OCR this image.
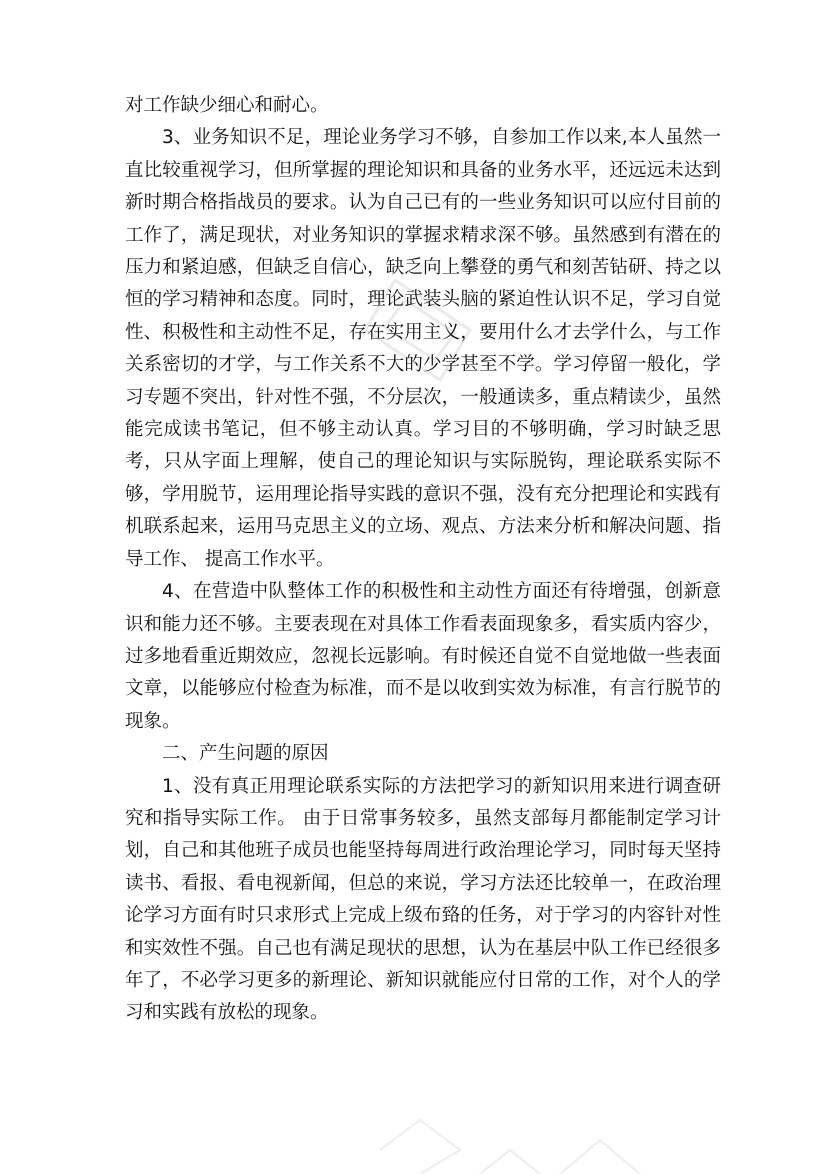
对工作缺少细心和耐心。

3、业务知识不足，理论业务学习不够，自参加工作以来,本人虽然一直比较重视学习，但所掌握的理论知识和具备的业务水平，还远远未达到新时期合格指战员的要求。认为自己已有的一些业务知识可以应付目前的工作了，满足现状，对业务知识的掌握求精求深不够。虽然感到有潜在的压力和紧迫感，但缺乏自信心，缺乏向上攀登的勇气和刻苦钻研、持之以恒的学习精神和态度。同时，理论武装头脑的紧迫性认识不足，学习自觉性、积极性和主动性不足，存在实用主义，要用什么才去学什么，与工作关系密切的才学，与工作关系不大的少学甚至不学。学习停留一般化，学习专题不突出，针对性不强，不分层次，一般通读多，重点精读少，虽然能完成读书笔记，但不够主动认真。学习目的不够明确，学习时缺乏思考，只从字面上理解，使自己的理论知识与实际脱钩，理论联系实际不够，学用脱节，运用理论指导实践的意识不强，没有充分把理论和实践有机联系起来，运用马克思主义的立场、观点、方法来分析和解决问题、指导工作、 提高工作水平。

4、在营造中队整体工作的积极性和主动性方面还有待增强，创新意识和能力还不够。主要表现在对具体工作看表面现象多，看实质内容少，过多地看重近期效应，忽视长远影响。有时候还自觉不自觉地做一些表面文章，以能够应付检查为标准，而不是以收到实效为标准，有言行脱节的现象。

二、产生问题的原因

1、没有真正用理论联系实际的方法把学习的新知识用来进行调查研究和指导实际工作。 由于日常事务较多，虽然支部每月都能制定学习计划，自己和其他班子成员也能坚持每周进行政治理论学习，同时每天坚持读书、看报、看电视新闻，但总的来说，学习方法还比较单一，在政治理论学习方面有时只求形式上完成上级布臵的任务，对于学习的内容针对性和实效性不强。自己也有满足现状的思想，认为在基层中队工作已经很多年了，不必学习更多的新理论、新知识就能应付日常的工作，对个人的学习和实践有放松的现象。
